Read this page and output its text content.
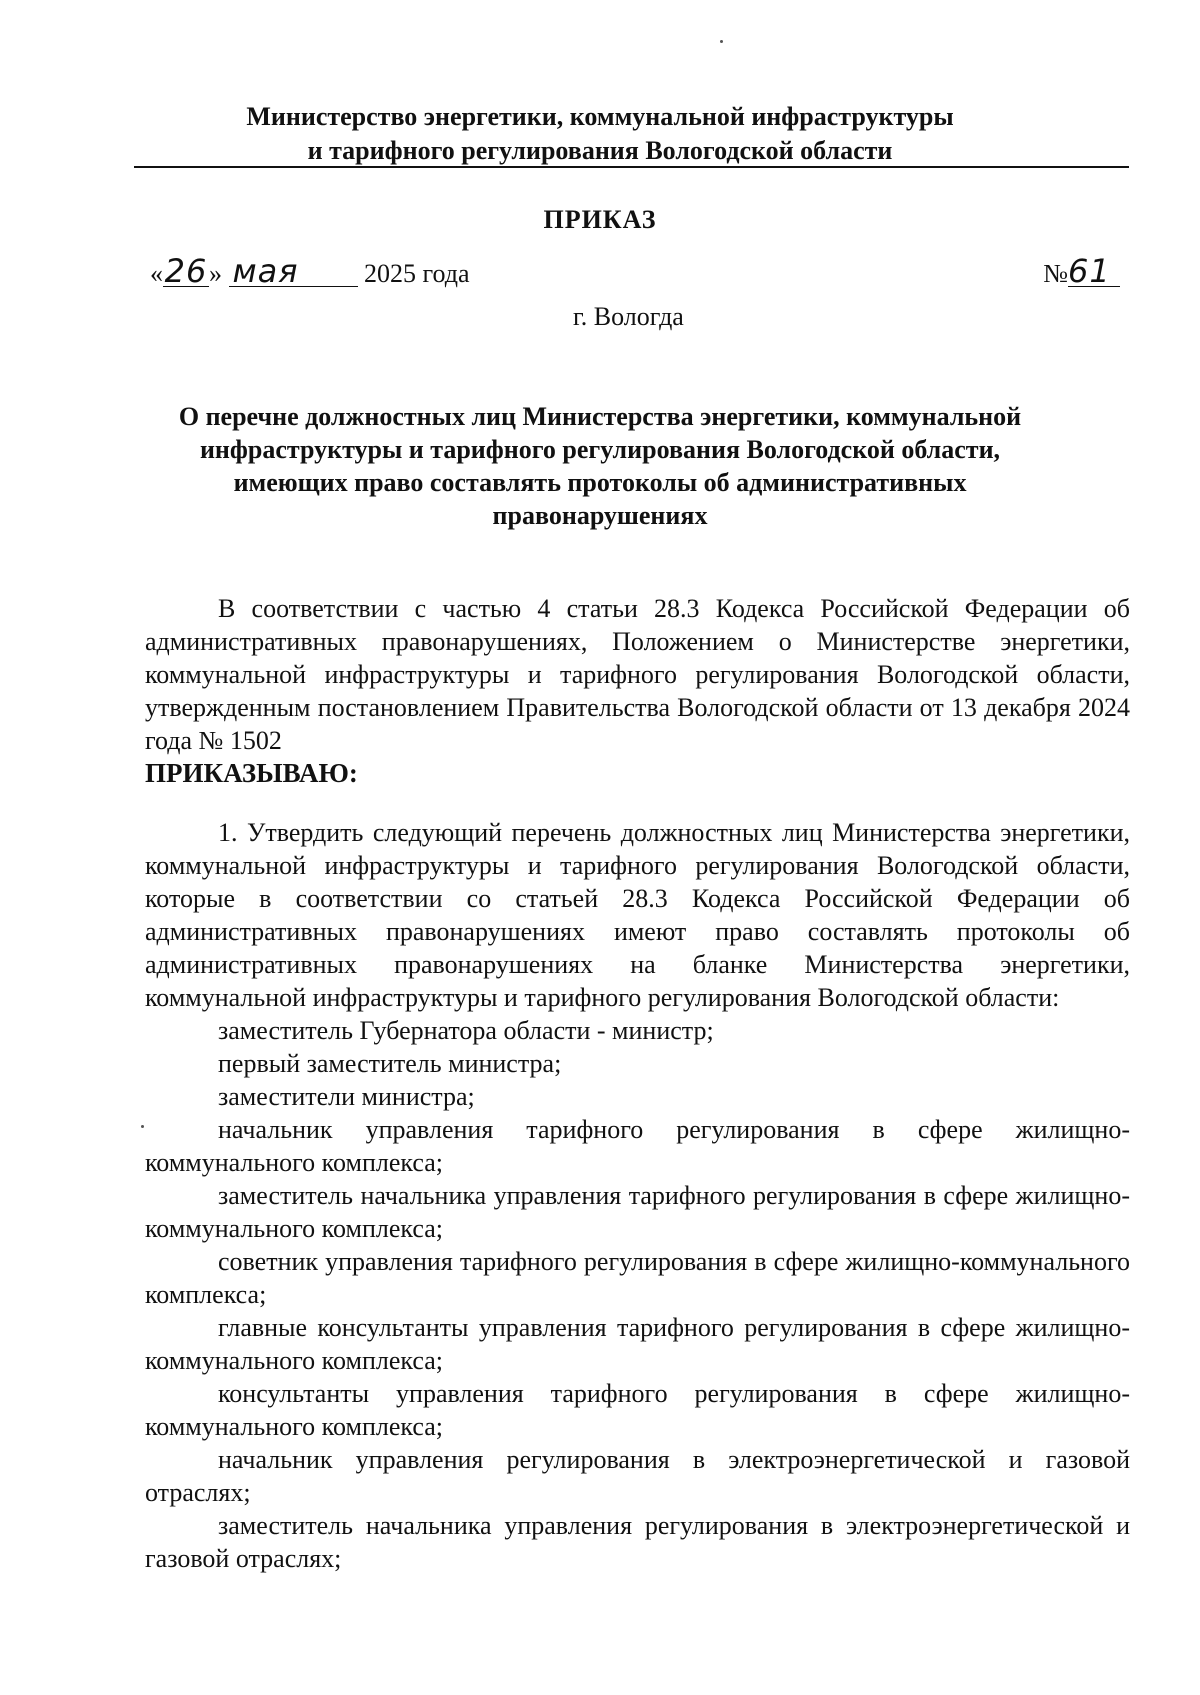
Министерство энергетики, коммунальной инфраструктуры
и тарифного регулирования Вологодской области
ПРИКАЗ
«26» мая	2025 года	№61
г. Вологда
О перечне должностных лиц Министерства энергетики, коммунальной
инфраструктуры и тарифного регулирования Вологодской области,
имеющих право составлять протоколы об административных
правонарушениях

В соответствии с частью 4 статьи 28.3 Кодекса Российской Федерации об административных правонарушениях, Положением о Министерстве энергетики, коммунальной инфраструктуры и тарифного регулирования Вологодской области, утвержденным постановлением Правительства Вологодской области от 13 декабря 2024 года № 1502

ПРИКАЗЫВАЮ:

1. Утвердить следующий перечень должностных лиц Министерства энергетики, коммунальной инфраструктуры и тарифного регулирования Вологодской области, которые в соответствии со статьей 28.3 Кодекса Российской Федерации об административных правонарушениях имеют право составлять протоколы об административных правонарушениях на бланке Министерства энергетики, коммунальной инфраструктуры и тарифного регулирования Вологодской области:

заместитель Губернатора области - министр;

первый заместитель министра;

заместители министра;

начальник управления тарифного регулирования в сфере жилищно-коммунального комплекса;

заместитель начальника управления тарифного регулирования в сфере жилищно-коммунального комплекса;

советник управления тарифного регулирования в сфере жилищно-коммунального комплекса;

главные консультанты управления тарифного регулирования в сфере жилищно-коммунального комплекса;

консультанты управления тарифного регулирования в сфере жилищно-коммунального комплекса;

начальник управления регулирования в электроэнергетической и газовой отраслях;

заместитель начальника управления регулирования в электроэнергетической и газовой отраслях;
